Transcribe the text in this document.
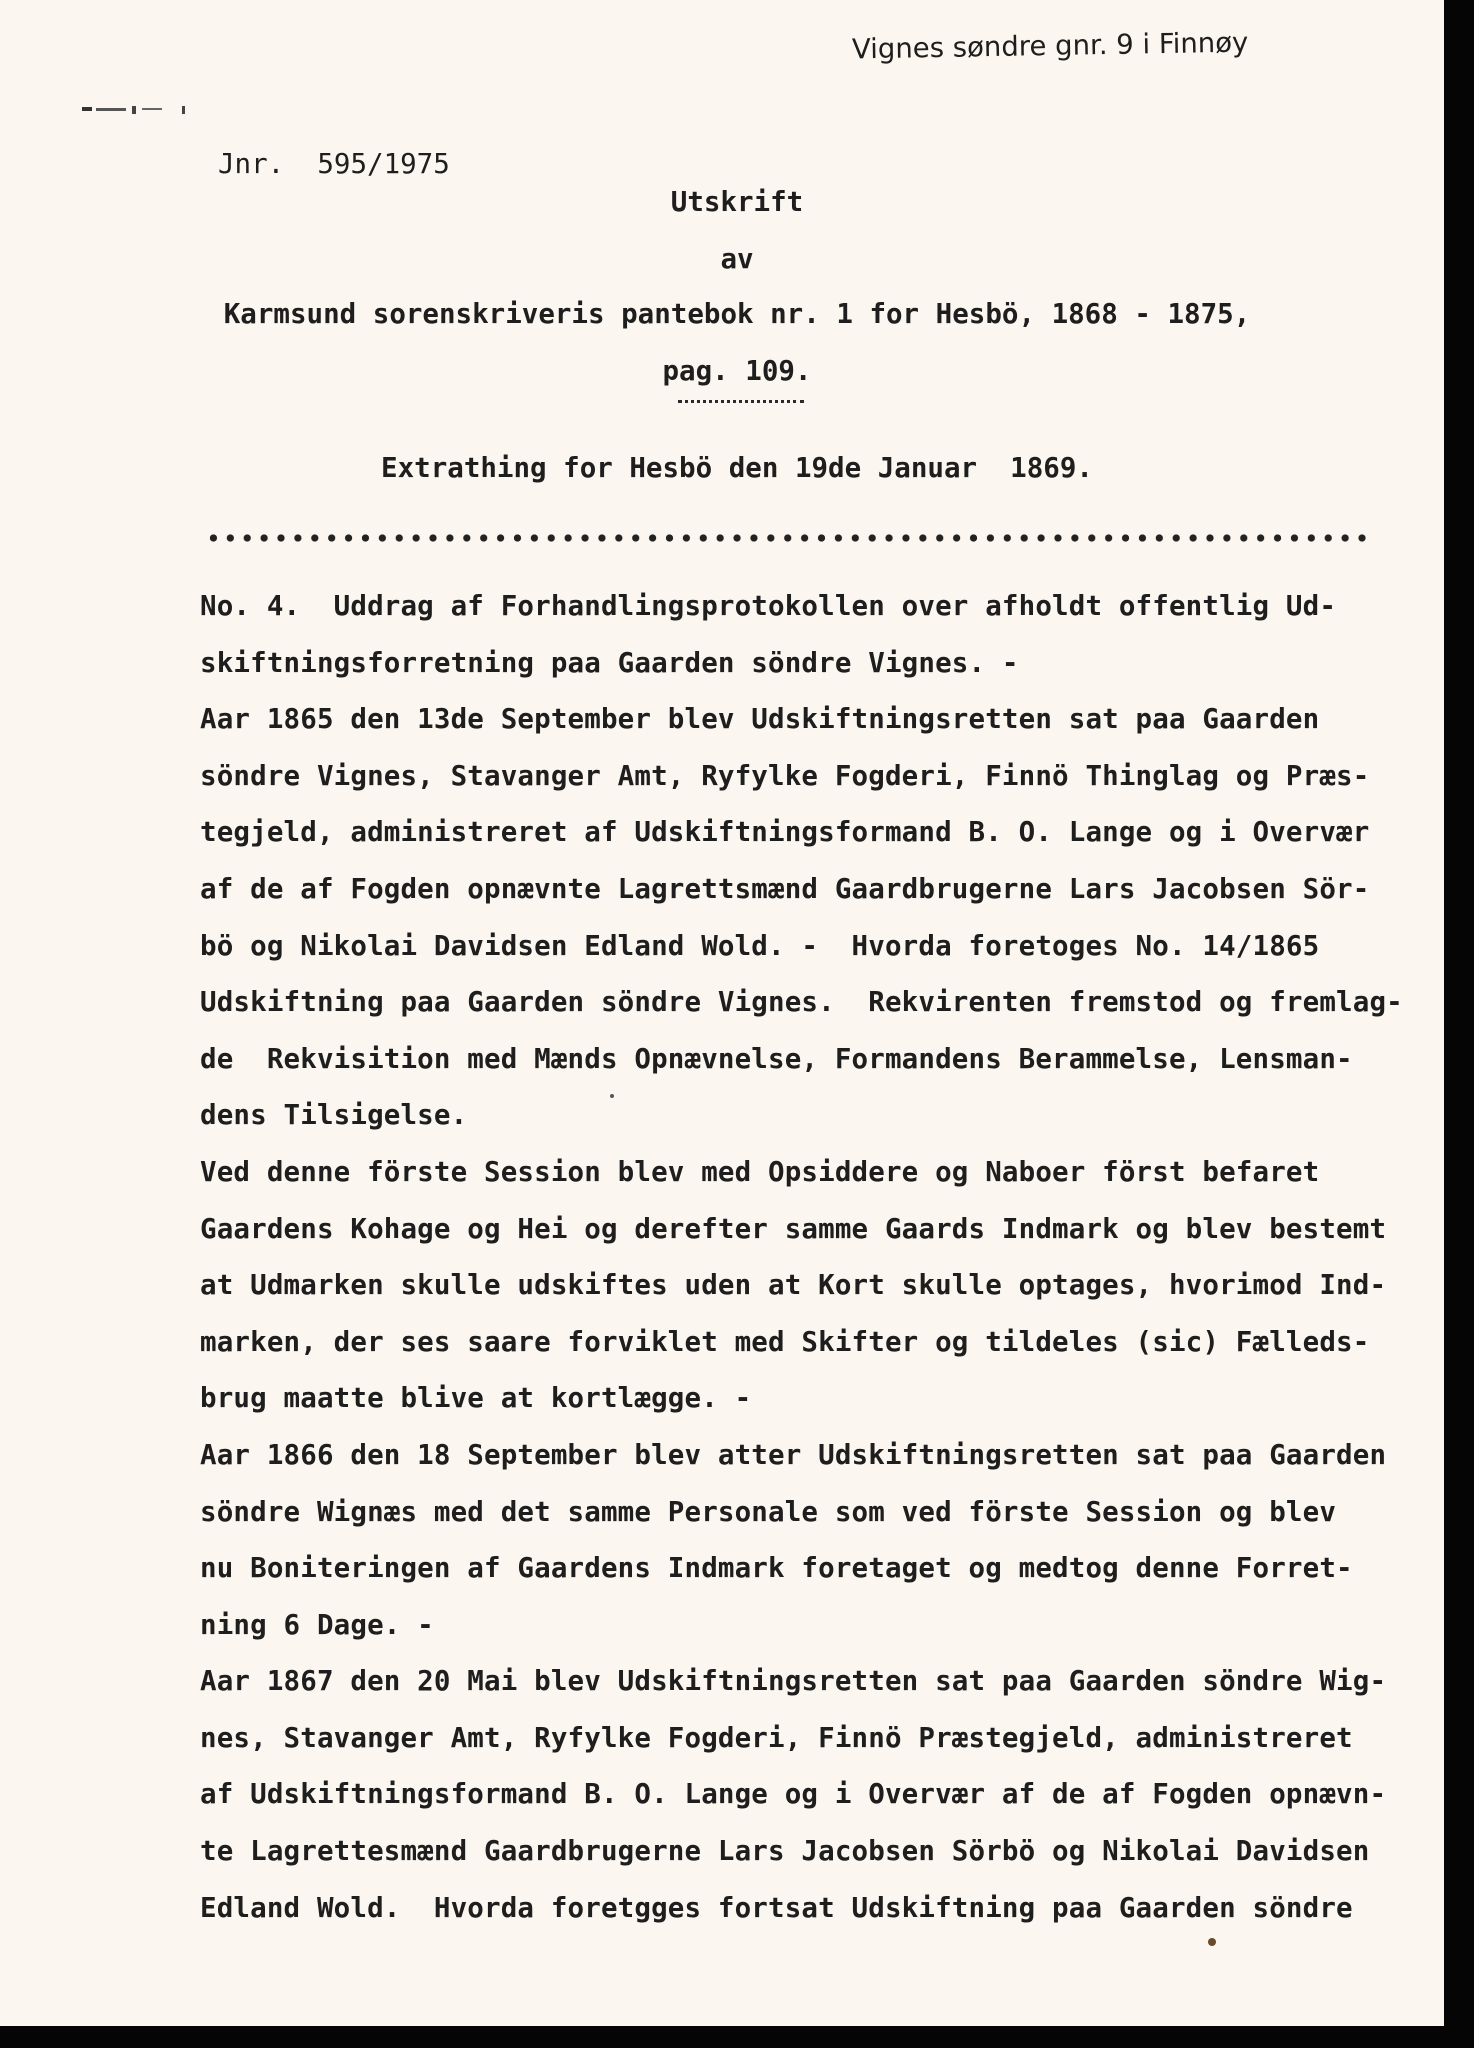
Vignes søndre gnr. 9 i Finnøy
Jnr.  595/1975
Utskrift
av
Karmsund sorenskriveris pantebok nr. 1 for Hesbö, 1868 - 1875,
pag. 109.
Extrathing for Hesbö den 19de Januar  1869.
No. 4.  Uddrag af Forhandlingsprotokollen over afholdt offentlig Ud-
skiftningsforretning paa Gaarden söndre Vignes. -
Aar 1865 den 13de September blev Udskiftningsretten sat paa Gaarden
söndre Vignes, Stavanger Amt, Ryfylke Fogderi, Finnö Thinglag og Præs-
tegjeld, administreret af Udskiftningsformand B. O. Lange og i Overvær
af de af Fogden opnævnte Lagrettsmænd Gaardbrugerne Lars Jacobsen Sör-
bö og Nikolai Davidsen Edland Wold. -  Hvorda foretoges No. 14/1865
Udskiftning paa Gaarden söndre Vignes.  Rekvirenten fremstod og fremlag-
de  Rekvisition med Mænds Opnævnelse, Formandens Berammelse, Lensman-
dens Tilsigelse.
Ved denne förste Session blev med Opsiddere og Naboer först befaret
Gaardens Kohage og Hei og derefter samme Gaards Indmark og blev bestemt
at Udmarken skulle udskiftes uden at Kort skulle optages, hvorimod Ind-
marken, der ses saare forviklet med Skifter og tildeles (sic) Fælleds-
brug maatte blive at kortlægge. -
Aar 1866 den 18 September blev atter Udskiftningsretten sat paa Gaarden
söndre Wignæs med det samme Personale som ved förste Session og blev
nu Boniteringen af Gaardens Indmark foretaget og medtog denne Forret-
ning 6 Dage. -
Aar 1867 den 20 Mai blev Udskiftningsretten sat paa Gaarden söndre Wig-
nes, Stavanger Amt, Ryfylke Fogderi, Finnö Præstegjeld, administreret
af Udskiftningsformand B. O. Lange og i Overvær af de af Fogden opnævn-
te Lagrettesmænd Gaardbrugerne Lars Jacobsen Sörbö og Nikolai Davidsen
Edland Wold.  Hvorda foretgges fortsat Udskiftning paa Gaarden söndre
